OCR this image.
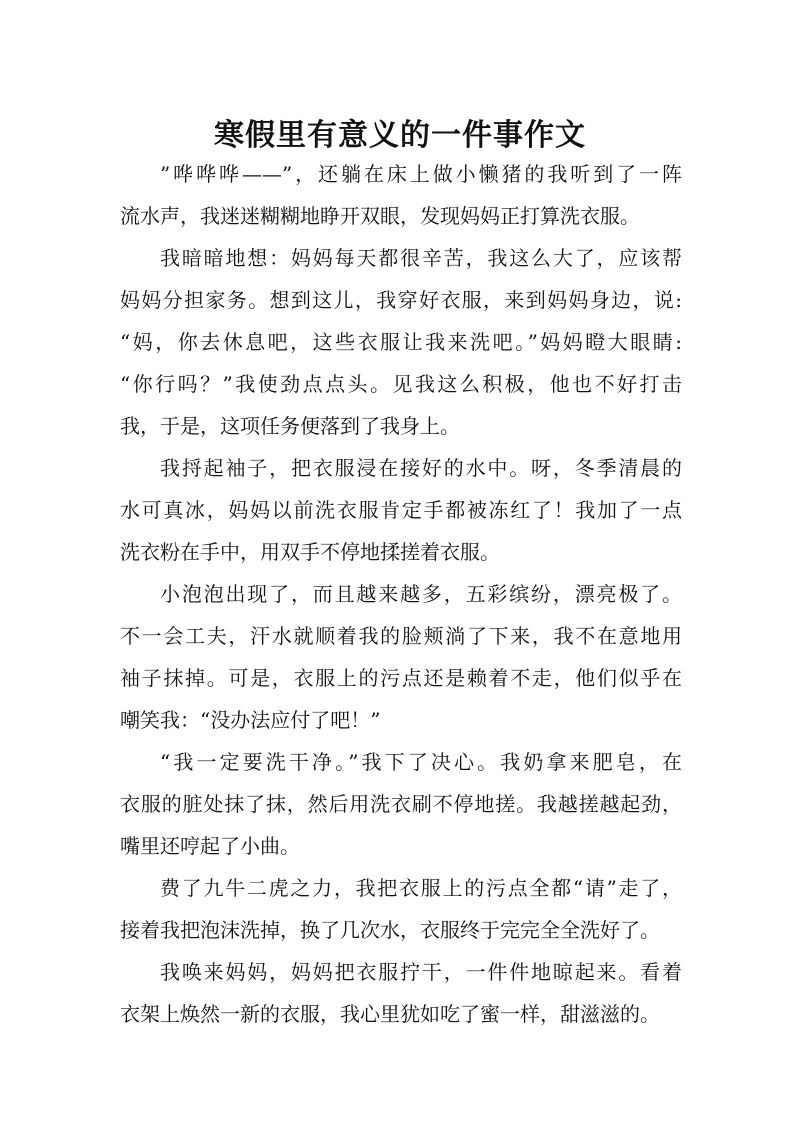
寒假里有意义的一件事作文

”哗哗哗——”，还躺在床上做小懒猪的我听到了一阵
流水声，我迷迷糊糊地睁开双眼，发现妈妈正打算洗衣服。

我暗暗地想：妈妈每天都很辛苦，我这么大了，应该帮
妈妈分担家务。想到这儿，我穿好衣服，来到妈妈身边，说:
“妈，你去休息吧，这些衣服让我来洗吧。”妈妈瞪大眼睛:
“你行吗？”我使劲点点头。见我这么积极，他也不好打击
我，于是，这项任务便落到了我身上。

我捋起袖子，把衣服浸在接好的水中。呀，冬季清晨的
水可真冰，妈妈以前洗衣服肯定手都被冻红了！我加了一点
洗衣粉在手中，用双手不停地揉搓着衣服。

小泡泡出现了，而且越来越多，五彩缤纷，漂亮极了。
不一会工夫，汗水就顺着我的脸颊淌了下来，我不在意地用
袖子抹掉。可是，衣服上的污点还是赖着不走，他们似乎在
嘲笑我：“没办法应付了吧！”

“我一定要洗干净。”我下了决心。我奶拿来肥皂，在
衣服的脏处抹了抹，然后用洗衣刷不停地搓。我越搓越起劲，
嘴里还哼起了小曲。

费了九牛二虎之力，我把衣服上的污点全都“请”走了，
接着我把泡沫洗掉，换了几次水，衣服终于完完全全洗好了。

我唤来妈妈，妈妈把衣服拧干，一件件地晾起来。看着
衣架上焕然一新的衣服，我心里犹如吃了蜜一样，甜滋滋的。
